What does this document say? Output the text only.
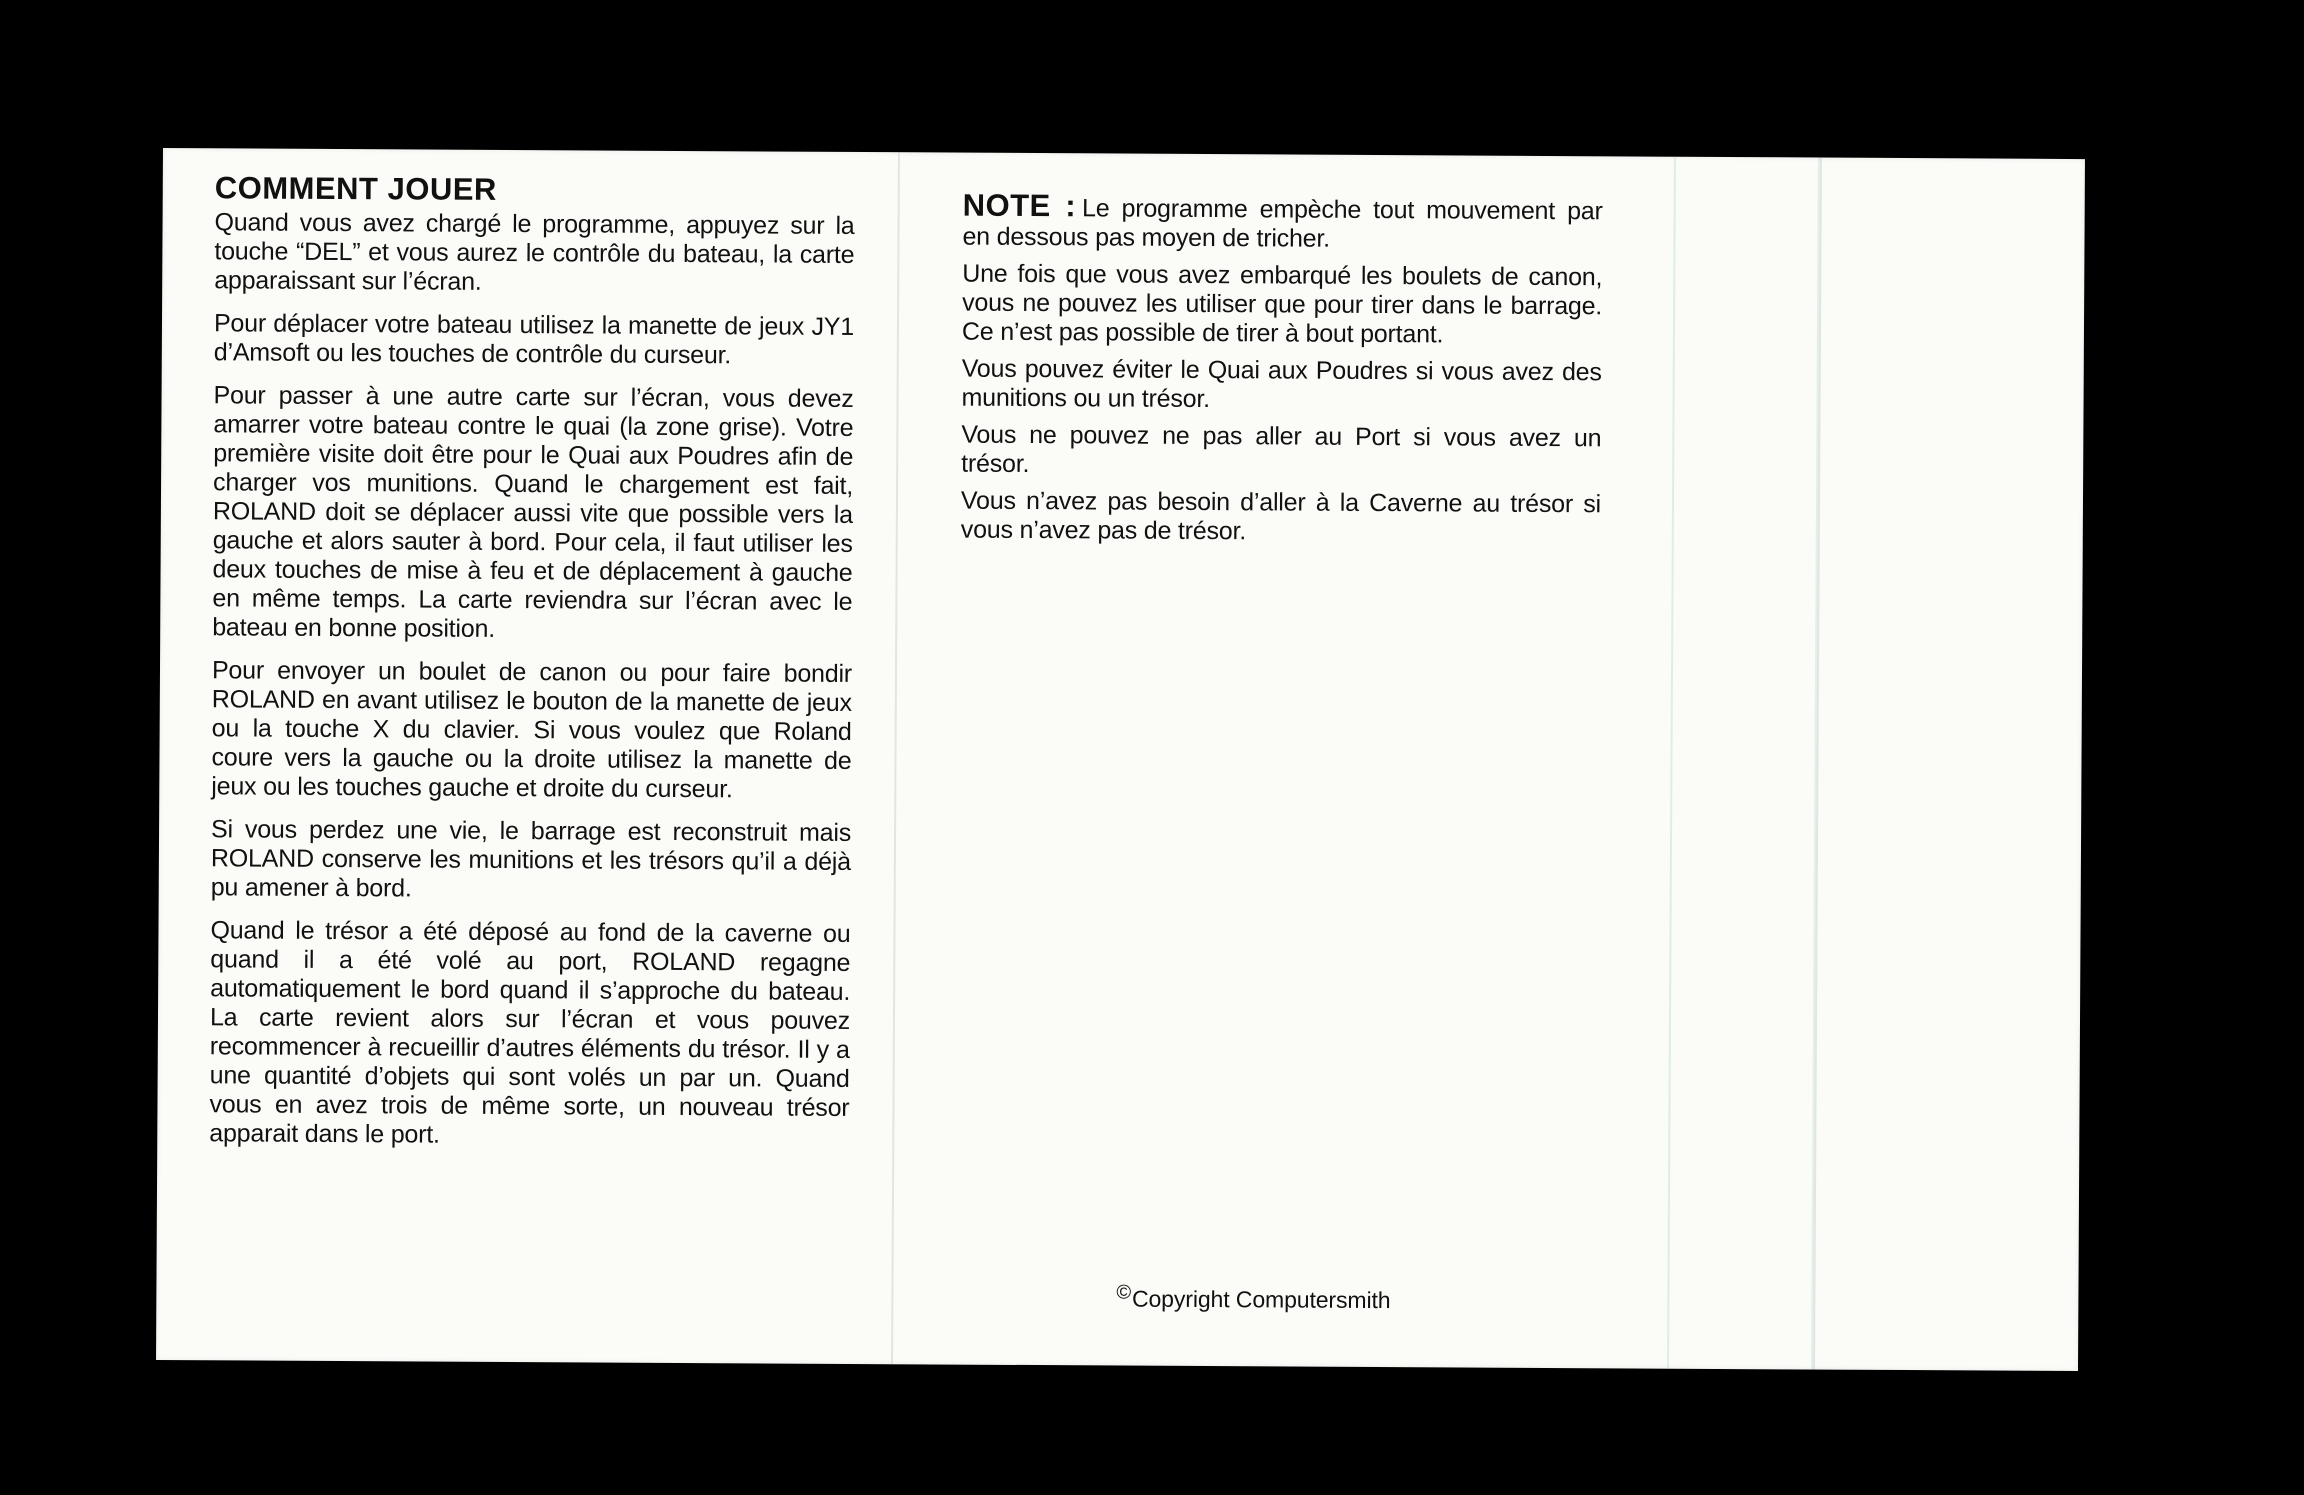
COMMENT JOUER

Quand vous avez chargé le programme, appuyez sur la touche “DEL” et vous aurez le contrôle du bateau, la carte apparaissant sur l’écran.

Pour déplacer votre bateau utilisez la manette de jeux JY1 d’Amsoft ou les touches de contrôle du curseur.

Pour passer à une autre carte sur l’écran, vous devez amarrer votre bateau contre le quai (la zone grise). Votre première visite doit être pour le Quai aux Poudres afin de charger vos munitions. Quand le chargement est fait, ROLAND doit se déplacer aussi vite que possible vers la gauche et alors sauter à bord. Pour cela, il faut utiliser les deux touches de mise à feu et de déplacement à gauche en même temps. La carte reviendra sur l’écran avec le bateau en bonne position.

Pour envoyer un boulet de canon ou pour faire bondir ROLAND en avant utilisez le bouton de la manette de jeux ou la touche X du clavier. Si vous voulez que Roland coure vers la gauche ou la droite utilisez la manette de jeux ou les touches gauche et droite du curseur.

Si vous perdez une vie, le barrage est reconstruit mais ROLAND conserve les munitions et les trésors qu’il a déjà pu amener à bord.

Quand le trésor a été déposé au fond de la caverne ou quand il a été volé au port, ROLAND regagne automatiquement le bord quand il s’approche du bateau. La carte revient alors sur l’écran et vous pouvez recommencer à recueillir d’autres éléments du trésor. Il y a une quantité d’objets qui sont volés un par un. Quand vous en avez trois de même sorte, un nouveau trésor apparait dans le port.

NOTE : Le programme empèche tout mouvement par en dessous pas moyen de tricher.

Une fois que vous avez embarqué les boulets de canon, vous ne pouvez les utiliser que pour tirer dans le barrage. Ce n’est pas possible de tirer à bout portant.

Vous pouvez éviter le Quai aux Poudres si vous avez des munitions ou un trésor.

Vous ne pouvez ne pas aller au Port si vous avez un trésor.

Vous n’avez pas besoin d’aller à la Caverne au trésor si vous n’avez pas de trésor.

©Copyright Computersmith
